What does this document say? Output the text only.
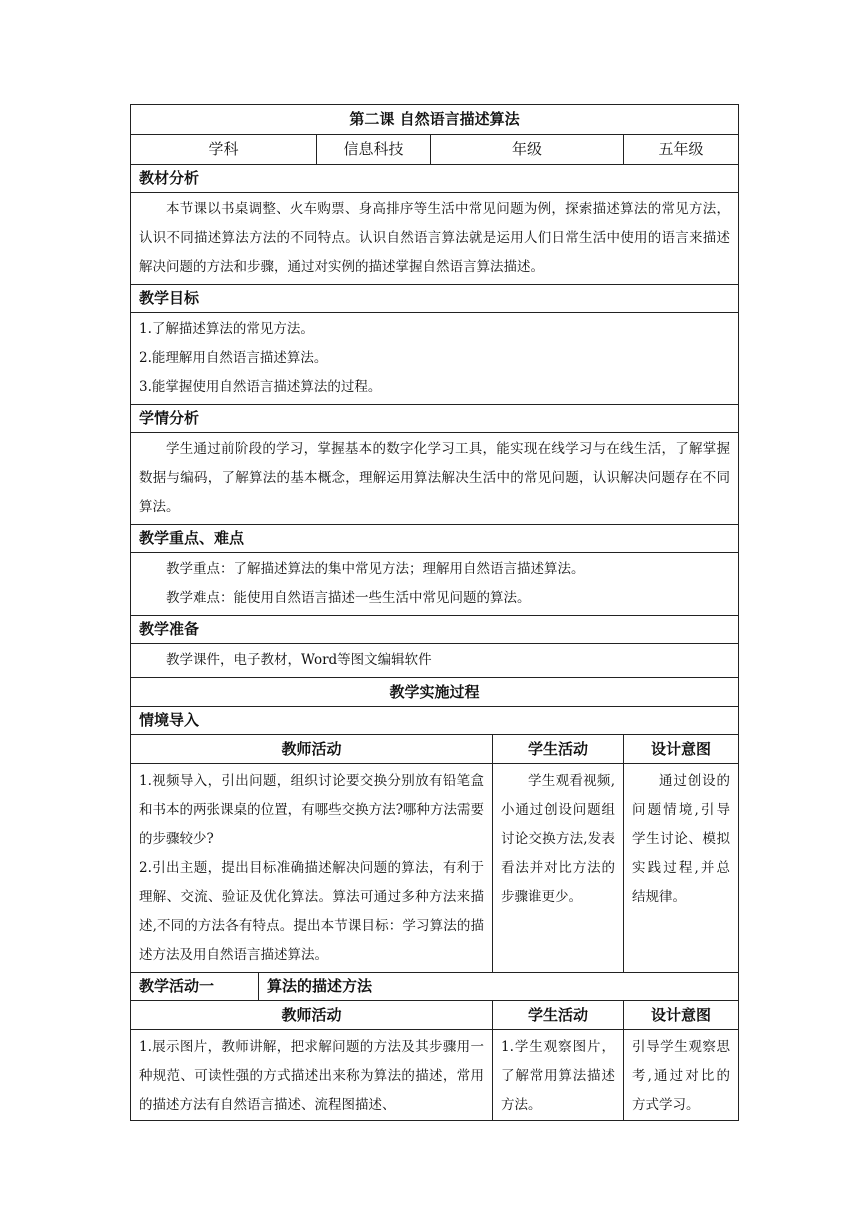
第二课 自然语言描述算法					
学科		信息科技	年级		五年级
教材分析					
本节课以书桌调整、火车购票、身高排序等生活中常见问题为例，探索描述算法的常见方法，认识不同描述算法方法的不同特点。认识自然语言算法就是运用人们日常生活中使用的语言来描述解决问题的方法和步骤，通过对实例的描述掌握自然语言算法描述。					
教学目标					

1.了解描述算法的常见方法。

2.能理解用自然语言描述算法。

3.能掌握使用自然语言描述算法的过程。					

学情分析					
学生通过前阶段的学习，掌握基本的数字化学习工具，能实现在线学习与在线生活，了解掌握数据与编码，了解算法的基本概念，理解运用算法解决生活中的常见问题，认识解决问题存在不同算法。					
教学重点、难点					

教学重点：了解描述算法的集中常见方法；理解用自然语言描述算法。

教学难点：能使用自然语言描述一些生活中常见问题的算法。					

教学准备					
教学课件，电子教材，Word等图文编辑软件					
教学实施过程					
情境导入					
教师活动				学生活动	设计意图

1.视频导入，引出问题，组织讨论要交换分别放有铅笔盒和书本的两张课桌的位置，有哪些交换方法?哪种方法需要的步骤较少?

2.引出主题，提出目标准确描述解决问题的算法，有利于理解、交流、验证及优化算法。算法可通过多种方法来描述,不同的方法各有特点。提出本节课目标：学习算法的描述方法及用自然语言描述算法。				学生观看视频,小通过创设问题组讨论交换方法,发表看法并对比方法的步骤谁更少。	通过创设的问题情境,引导学生讨论、模拟实践过程,并总结规律。
教学活动一	算法的描述方法				
教师活动				学生活动	设计意图
1.展示图片，教师讲解，把求解问题的方法及其步骤用一种规范、可读性强的方式描述出来称为算法的描述，常用的描述方法有自然语言描述、流程图描述、				1.学生观察图片，了解常用算法描述方法。	引导学生观察思考,通过对比的方式学习。
